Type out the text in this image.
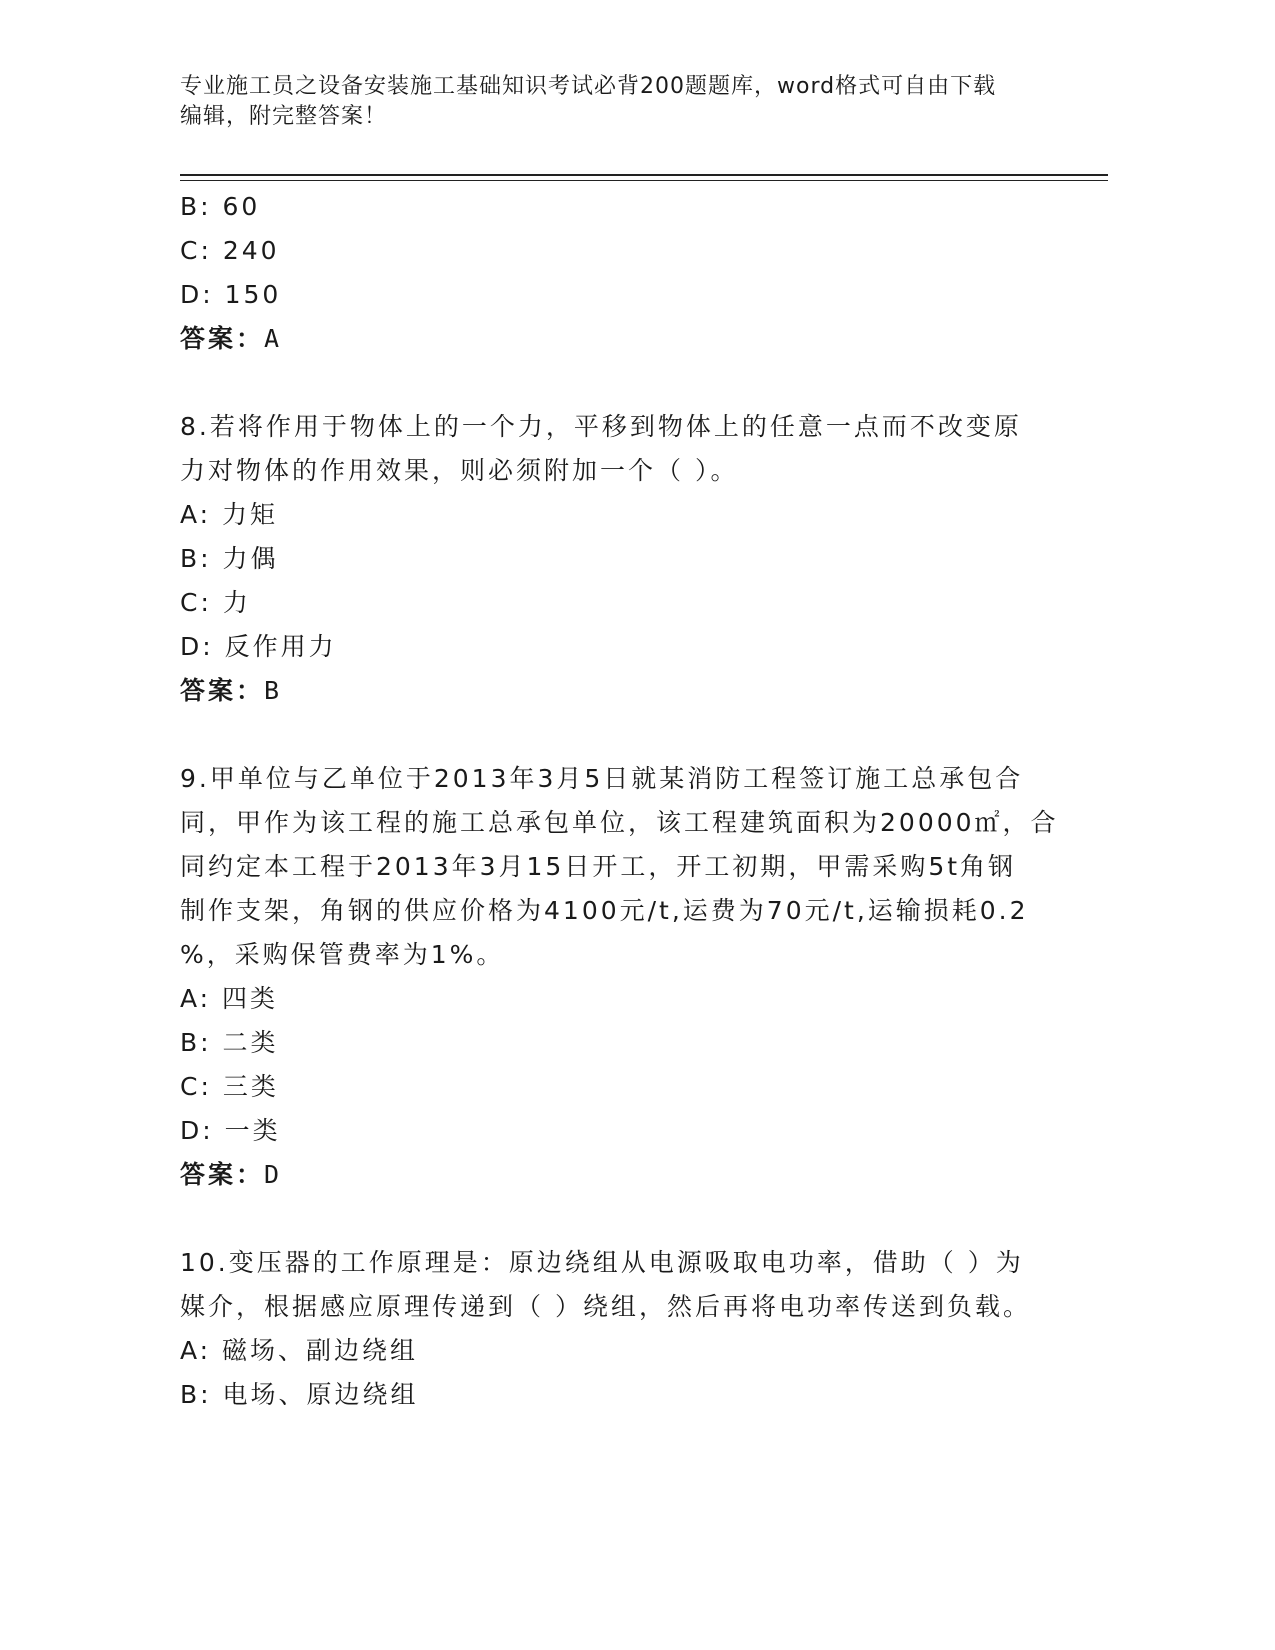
专业施工员之设备安装施工基础知识考试必背200题题库，word格式可自由下载
编辑，附完整答案！
B: 60
C: 240
D: 150
答案：A
8.若将作用于物体上的一个力，平移到物体上的任意一点而不改变原
力对物体的作用效果，则必须附加一个（ ）。
A: 力矩
B: 力偶
C: 力
D: 反作用力
答案：B
9.甲单位与乙单位于2013年3月5日就某消防工程签订施工总承包合
同，甲作为该工程的施工总承包单位，该工程建筑面积为20000㎡，合
同约定本工程于2013年3月15日开工，开工初期，甲需采购5t角钢
制作支架，角钢的供应价格为4100元/t,运费为70元/t,运输损耗0.2
%，采购保管费率为1%。
A: 四类
B: 二类
C: 三类
D: 一类
答案：D
10.变压器的工作原理是：原边绕组从电源吸取电功率，借助（ ）为
媒介，根据感应原理传递到（ ）绕组，然后再将电功率传送到负载。
A: 磁场、副边绕组
B: 电场、原边绕组
